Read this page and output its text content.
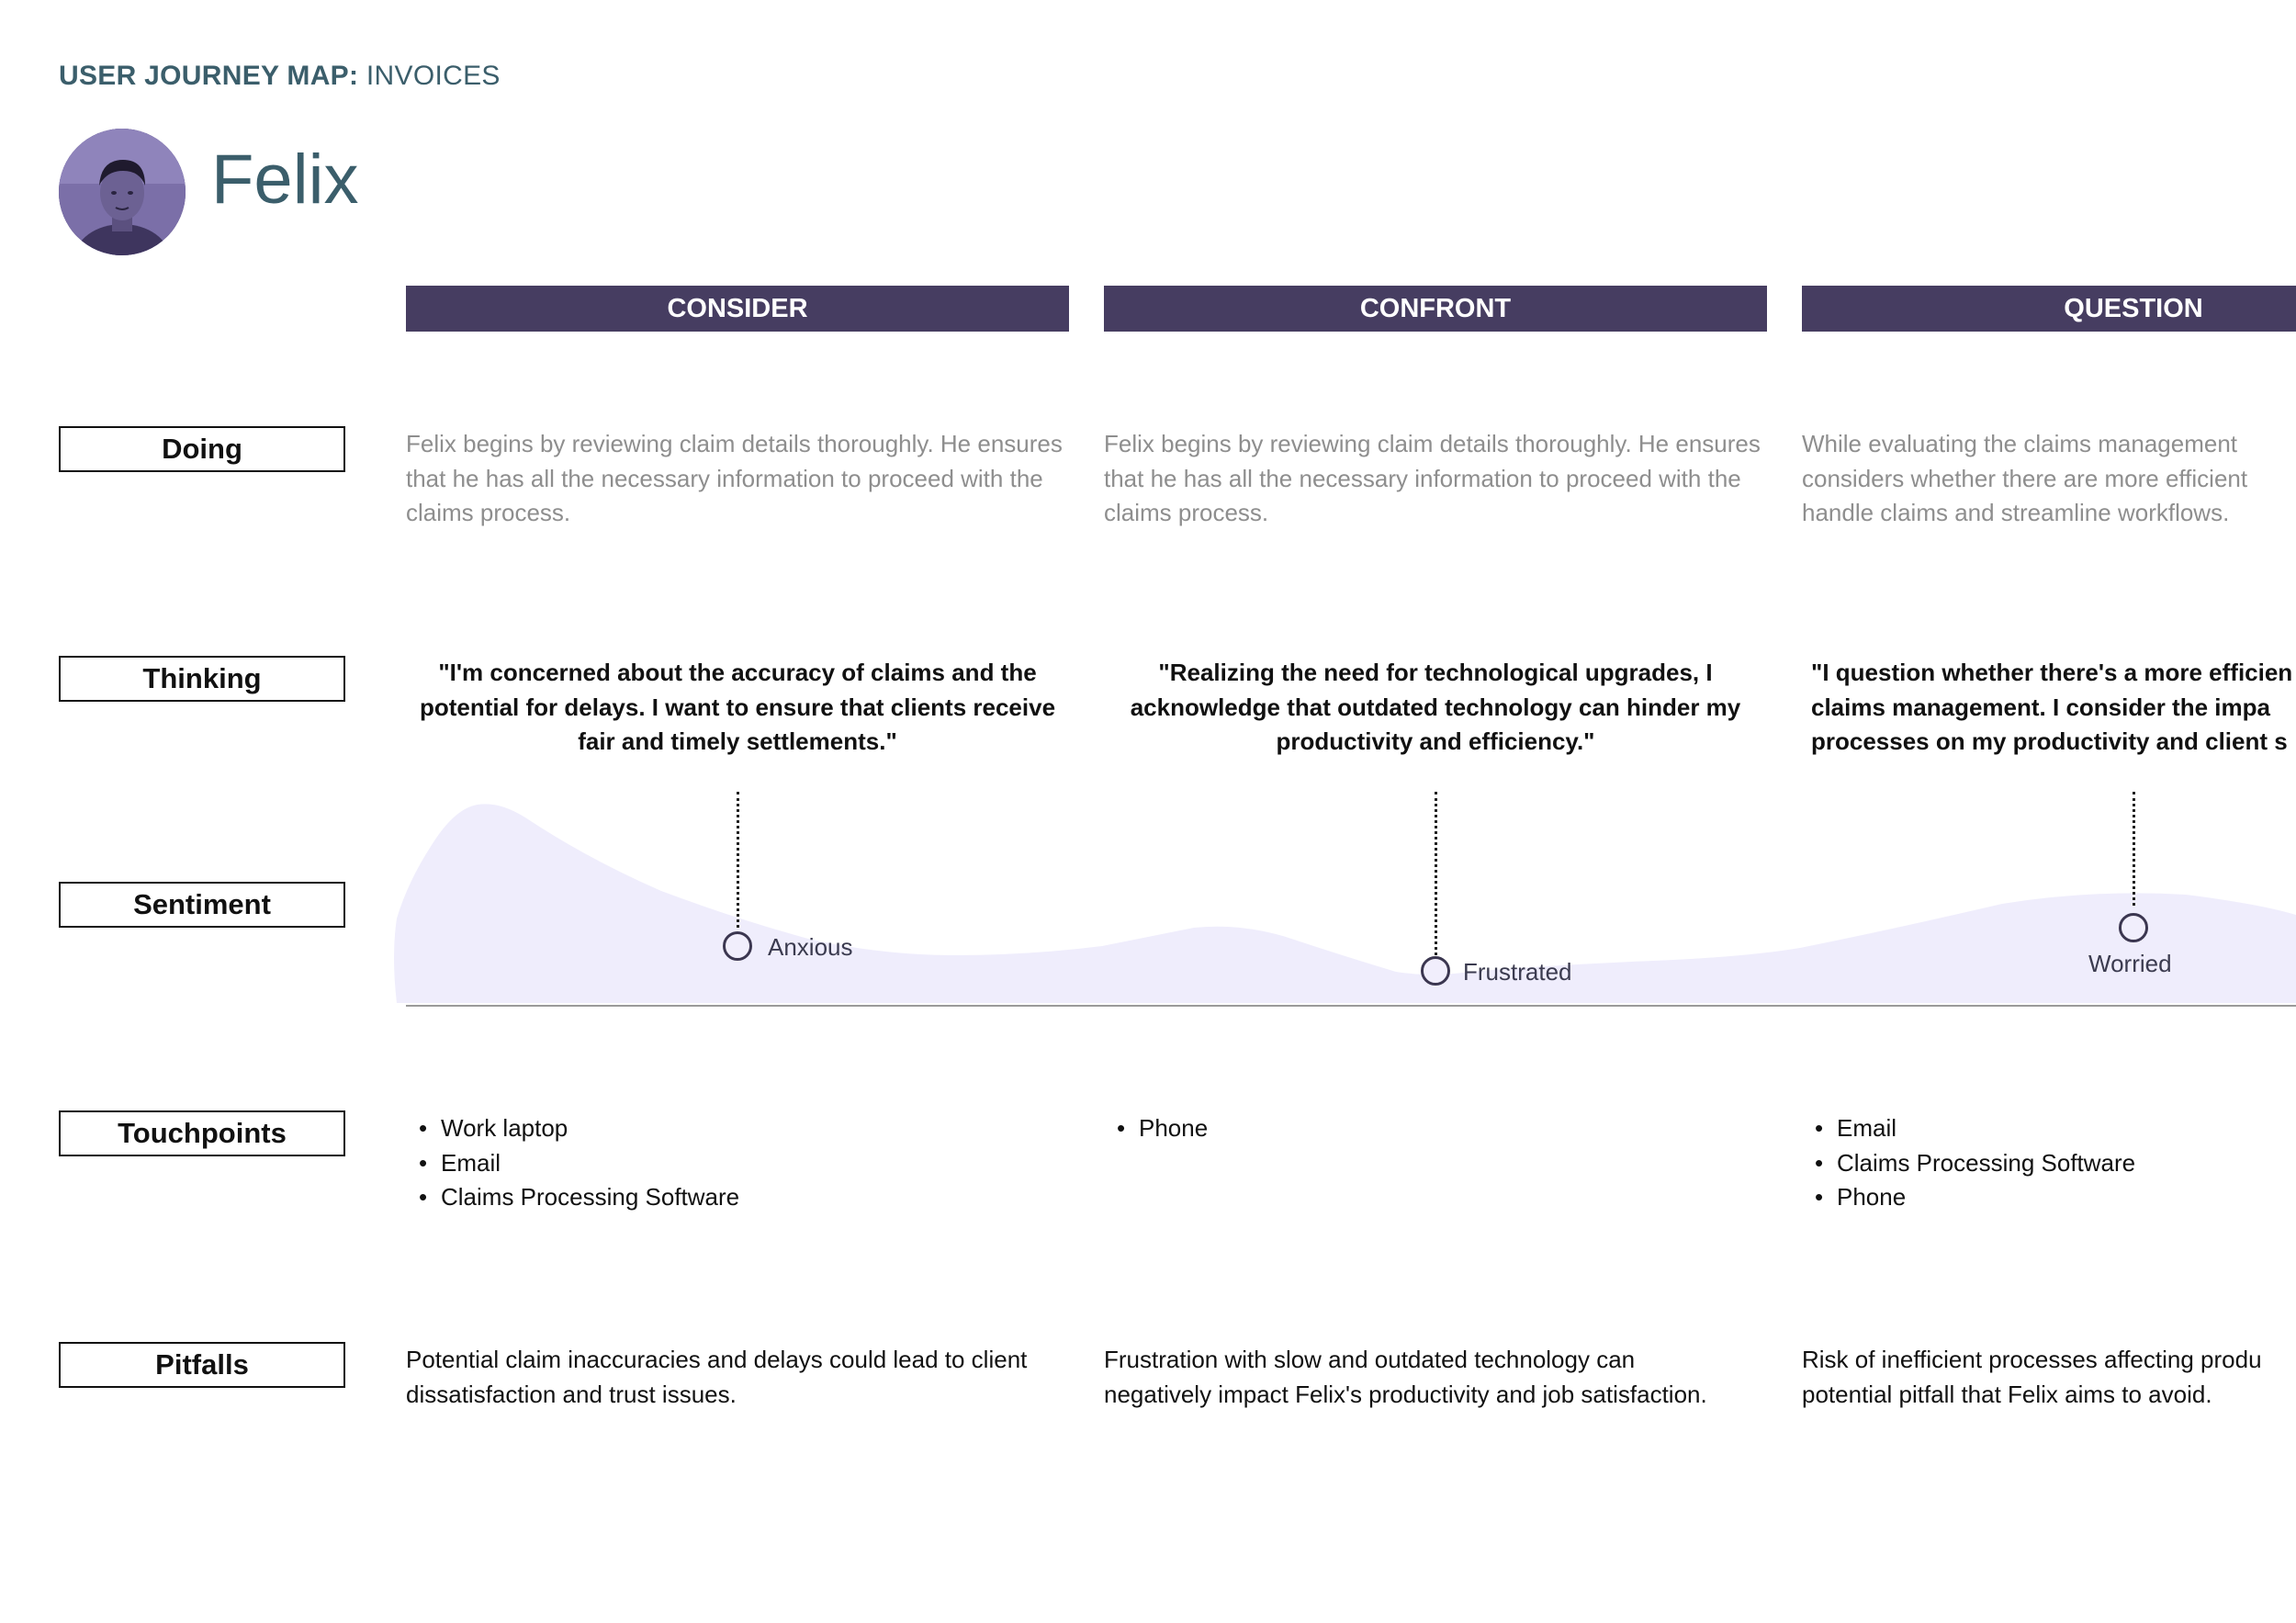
USER JOURNEY MAP: INVOICES
Felix
CONSIDER	CONFRONT	QUESTION
Doing
Thinking
Sentiment
Touchpoints
Pitfalls
Felix begins by reviewing claim details thoroughly. He ensures that he has all the necessary information to proceed with the claims process.
Felix begins by reviewing claim details thoroughly. He ensures that he has all the necessary information to proceed with the claims process.
While evaluating the claims management considers whether there are more efficient handle claims and streamline workflows.
"I'm concerned about the accuracy of claims and the potential for delays. I want to ensure that clients receive fair and timely settlements."
"Realizing the need for technological upgrades, I acknowledge that outdated technology can hinder my productivity and efficiency."
"I question whether there's a more efficien claims management. I consider the impa processes on my productivity and client s
Anxious
Frustrated	Worried
• Work laptop
• Email
• Claims Processing Software
• Phone
•	Email
• Claims Processing Software
• Phone
Potential claim inaccuracies and delays could lead to client dissatisfaction and trust issues.
Frustration with slow and outdated technology can negatively impact Felix's productivity and job satisfaction.
Risk of inefficient processes affecting produ potential pitfall that Felix aims to avoid.
